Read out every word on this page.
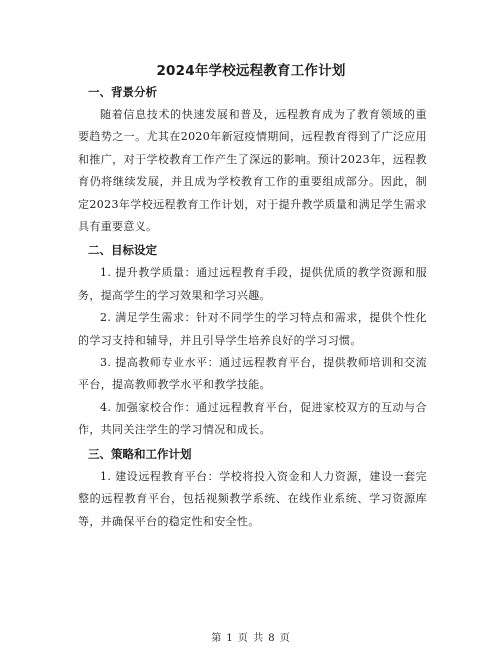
2024年学校远程教育工作计划

一、背景分析

随着信息技术的快速发展和普及，远程教育成为了教育领域的重要趋势之一。尤其在2020年新冠疫情期间，远程教育得到了广泛应用和推广，对于学校教育工作产生了深远的影响。预计2023年，远程教育仍将继续发展，并且成为学校教育工作的重要组成部分。因此，制定2023年学校远程教育工作计划，对于提升教学质量和满足学生需求具有重要意义。

二、目标设定

1. 提升教学质量：通过远程教育手段，提供优质的教学资源和服务，提高学生的学习效果和学习兴趣。

2. 满足学生需求：针对不同学生的学习特点和需求，提供个性化的学习支持和辅导，并且引导学生培养良好的学习习惯。

3. 提高教师专业水平：通过远程教育平台，提供教师培训和交流平台，提高教师教学水平和教学技能。

4. 加强家校合作：通过远程教育平台，促进家校双方的互动与合作，共同关注学生的学习情况和成长。

三、策略和工作计划

1. 建设远程教育平台：学校将投入资金和人力资源，建设一套完整的远程教育平台，包括视频教学系统、在线作业系统、学习资源库等，并确保平台的稳定性和安全性。

第 1 页 共 8 页
